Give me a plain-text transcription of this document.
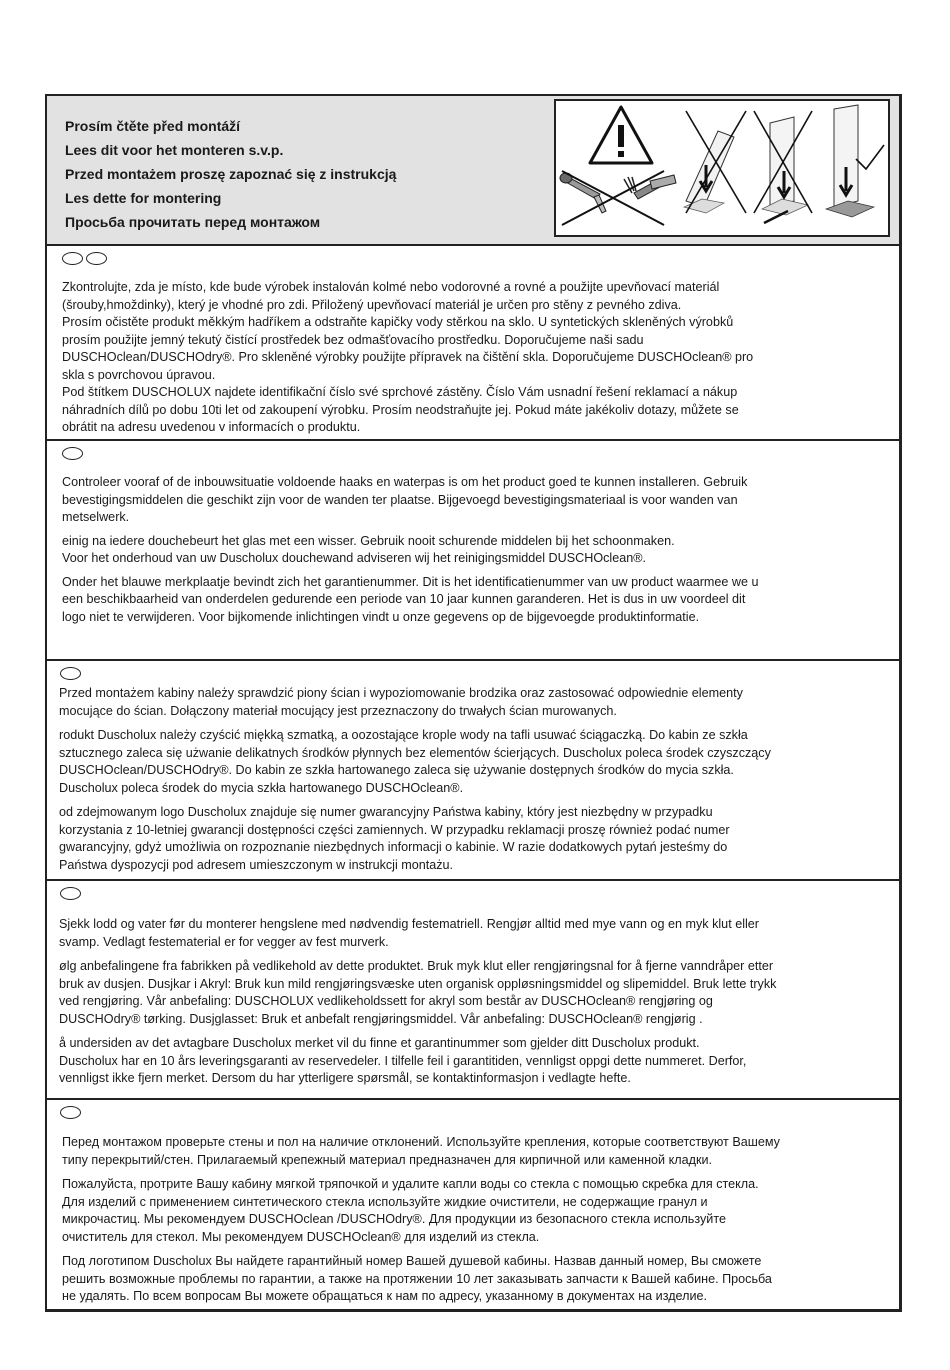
Prosím čtěte před montáží
Lees dit voor het monteren s.v.p.
Przed montażem proszę zapoznać się z instrukcją
Les dette for montering
Просьба прочитать перед монтажом

Zkontrolujte, zda je místo, kde bude výrobek instalován kolmé nebo vodorovné a rovné a použijte upevňovací materiál
(šrouby,hmoždinky), který je vhodné pro zdi. Přiložený upevňovací materiál je určen pro stěny z pevného zdiva.
Prosím očistěte produkt měkkým hadříkem a odstraňte kapičky vody stěrkou na sklo. U syntetických skleněných výrobků
prosím použijte jemný tekutý čistící prostředek bez odmašťovacího prostředku. Doporučujeme naši sadu
DUSCHOclean/DUSCHOdry®. Pro skleněné výrobky použijte přípravek na čištění skla. Doporučujeme DUSCHOclean® pro
skla s povrchovou úpravou.
Pod štítkem DUSCHOLUX najdete identifikační číslo své sprchové zástěny. Číslo Vám usnadní řešení reklamací a nákup
náhradních dílů po dobu 10ti let od zakoupení výrobku. Prosím neodstraňujte jej. Pokud máte jakékoliv dotazy, můžete se
obrátit na adresu uvedenou v informacích o produktu.

Controleer vooraf of de inbouwsituatie voldoende haaks en waterpas is om het product goed te kunnen installeren. Gebruik
bevestigingsmiddelen die geschikt zijn voor de wanden ter plaatse. Bijgevoegd bevestigingsmateriaal is voor wanden van
metselwerk.

einig na iedere douchebeurt het glas met een wisser. Gebruik nooit schurende middelen bij het schoonmaken.
Voor het onderhoud van uw Duscholux douchewand adviseren wij het reinigingsmiddel DUSCHOclean®.

Onder het blauwe merkplaatje bevindt zich het garantienummer. Dit is het identificatienummer van uw product waarmee we u
een beschikbaarheid van onderdelen gedurende een periode van 10 jaar kunnen garanderen. Het is dus in uw voordeel dit
logo niet te verwijderen. Voor bijkomende inlichtingen vindt u onze gegevens op de bijgevoegde produktinformatie.

Przed montażem kabiny należy sprawdzić piony ścian i wypoziomowanie brodzika oraz zastosować odpowiednie elementy
mocujące do ścian. Dołączony materiał mocujący jest przeznaczony do trwałych ścian murowanych.

rodukt Duscholux należy czyścić miękką szmatką, a oozostające krople wody na tafli usuwać ściągaczką. Do kabin ze szkła
sztucznego zaleca się użwanie delikatnych środków płynnych bez elementów ścierjących. Duscholux poleca środek czyszczący
DUSCHOclean/DUSCHOdry®. Do kabin ze szkła hartowanego zaleca się używanie dostępnych środków do mycia szkła.
Duscholux poleca środek do mycia szkła hartowanego DUSCHOclean®.

od zdejmowanym logo Duscholux znajduje się numer gwarancyjny Państwa kabiny, który jest niezbędny w przypadku
korzystania z 10-letniej gwarancji dostępności części zamiennych. W przypadku reklamacji proszę również podać numer
gwarancyjny, gdyż umożliwia on rozpoznanie niezbędnych informacji o kabinie. W razie dodatkowych pytań jesteśmy do
Państwa dyspozycji pod adresem umieszczonym w instrukcji montażu.

Sjekk lodd og vater før du monterer hengslene med nødvendig festematriell. Rengjør alltid med mye vann og en myk klut eller
svamp. Vedlagt festematerial er for vegger av fest murverk.

ølg anbefalingene fra fabrikken på vedlikehold av dette produktet. Bruk myk klut eller rengjøringsnal for å fjerne vanndråper etter
bruk av dusjen. Dusjkar i Akryl: Bruk kun mild rengjøringsvæske uten organisk oppløsningsmiddel og slipemiddel. Bruk lette trykk
ved rengjøring. Vår anbefaling: DUSCHOLUX vedlikeholdssett for akryl som består av DUSCHOclean® rengjøring og
DUSCHOdry® tørking. Dusjglasset: Bruk et anbefalt rengjøringsmiddel. Vår anbefaling: DUSCHOclean® rengjørig .

å undersiden av det avtagbare Duscholux merket vil du finne et garantinummer som gjelder ditt Duscholux produkt.
Duscholux har en 10 års leveringsgaranti av reservedeler. I tilfelle feil i garantitiden, vennligst oppgi dette nummeret. Derfor,
vennligst ikke fjern merket. Dersom du har ytterligere spørsmål, se kontaktinformasjon i vedlagte hefte.

Перед монтажом проверьте стены и пол на наличие отклонений. Используйте крепления, которые соответствуют Вашему
типу перекрытий/стен. Прилагаемый крепежный материал предназначен для кирпичной или каменной кладки.

Пожалуйста, протрите Вашу кабину мягкой тряпочкой и удалите капли воды со стекла с помощью скребка для стекла.
Для изделий с применением синтетического стекла используйте жидкие очистители, не содержащие гранул и
микрочастиц. Мы рекомендуем DUSCHOclean /DUSCHOdry®. Для продукции из безопасного стекла используйте
очиститель для стекол. Мы рекомендуем DUSCHOclean® для изделий из стекла.

Под логотипом Duscholux Вы найдете гарантийный номер Вашей душевой кабины. Назвав данный номер, Вы сможете
решить возможные проблемы по гарантии, а также на протяжении 10 лет заказывать запчасти к Вашей кабине. Просьба
не удалять. По всем вопросам Вы можете обращаться к нам по адресу, указанному в документах на изделие.
